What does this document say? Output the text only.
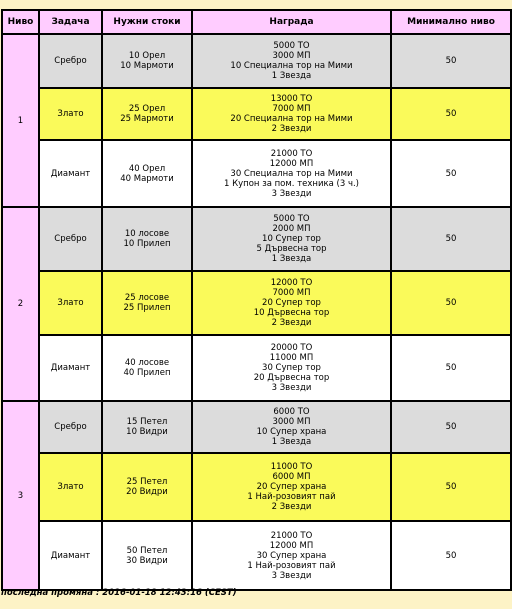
Ниво	Задача	Нужни стоки	Награда	Минимално ниво
1	Сребро	10 Орел
10 Мармоти	5000 ТО
3000 МП
10 Специална тор на Мими
1 Звезда	50
	Злато	25 Орел
25 Мармоти	13000 ТО
7000 МП
20 Специална тор на Мими
2 Звезди	50
	Диамант	40 Орел
40 Мармоти	21000 ТО
12000 МП
30 Специална тор на Мими
1 Купон за пом. техника (3 ч.)
3 Звезди	50
2	Сребро	10 лосове
10 Прилеп	5000 ТО
2000 МП
10 Супер тор
5 Дървесна тор
1 Звезда	50
	Злато	25 лосове
25 Прилеп	12000 ТО
7000 МП
20 Супер тор
10 Дървесна тор
2 Звезди	50
	Диамант	40 лосове
40 Прилеп	20000 ТО
11000 МП
30 Супер тор
20 Дървесна тор
3 Звезди	50
3	Сребро	15 Петел
10 Видри	6000 ТО
3000 МП
10 Супер храна
1 Звезда	50
	Злато	25 Петел
20 Видри	11000 ТО
6000 МП
20 Супер храна
1 Най-розовият пай
2 Звезди	50
	Диамант	50 Петел
30 Видри	21000 ТО
12000 МП
30 Супер храна
1 Най-розовият пай
3 Звезди	50
последна промяна : 2016-01-18 12:43:16 (CEST)
